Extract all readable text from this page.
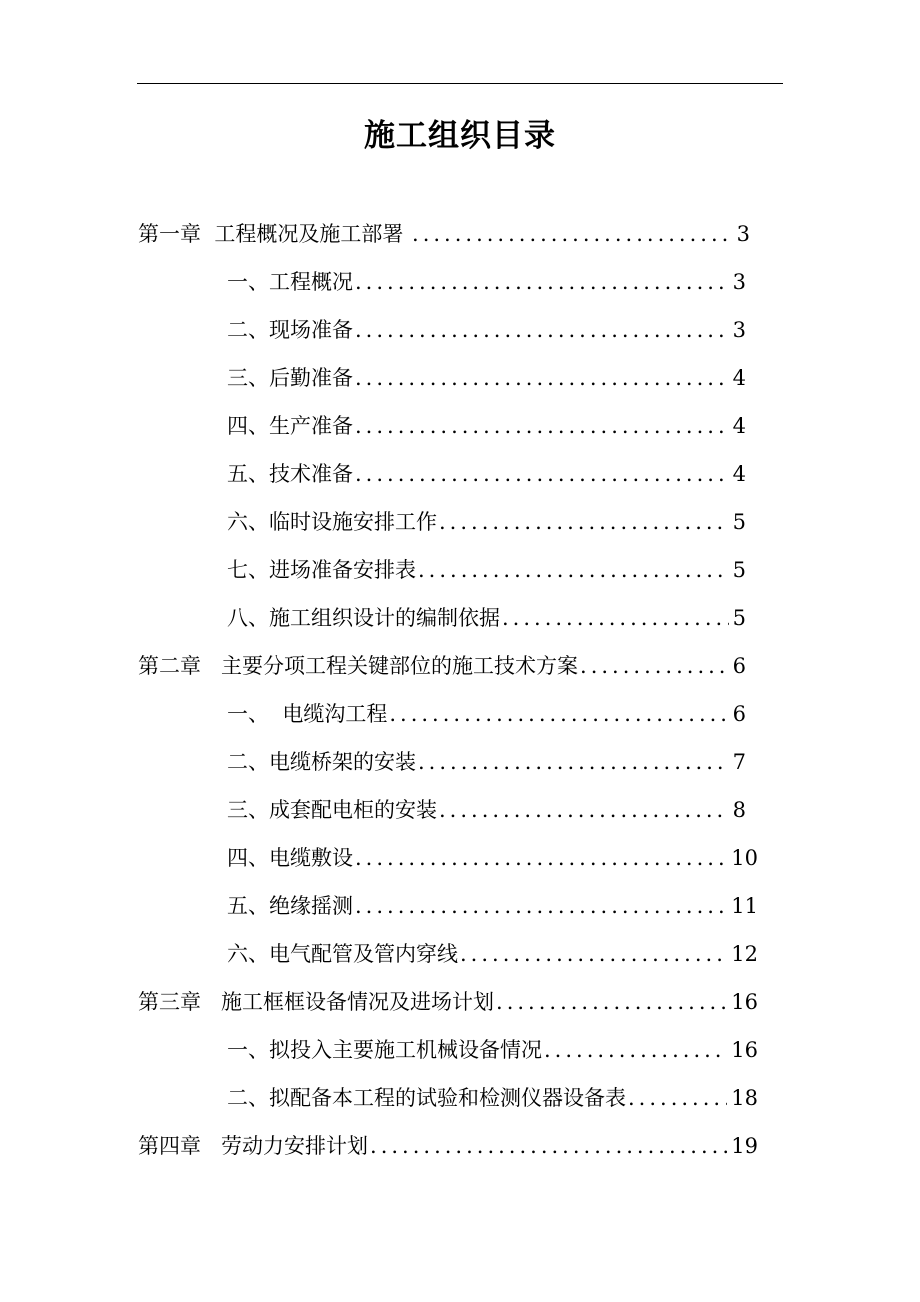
施工组织目录
第一章  工程概况及施工部署 .....	3
一、工程概况 .....	3
二、现场准备 .....	3
三、后勤准备 .....	4
四、生产准备 .....	4
五、技术准备 .....	4
六、临时设施安排工作 .....	5
七、进场准备安排表 .....	5
八、施工组织设计的编制依据 .....	5
第二章   主要分项工程关键部位的施工技术方案 .....	6
一、  电缆沟工程 .....	6
二、电缆桥架的安装 .....	7
三、成套配电柜的安装 .....	8
四、电缆敷设 .....	10
五、绝缘摇测 .....	11
六、电气配管及管内穿线 .....	12
第三章   施工框框设备情况及进场计划 .....	16
一、拟投入主要施工机械设备情况 .....	16
二、拟配备本工程的试验和检测仪器设备表 .....	18
第四章   劳动力安排计划 .....	19
